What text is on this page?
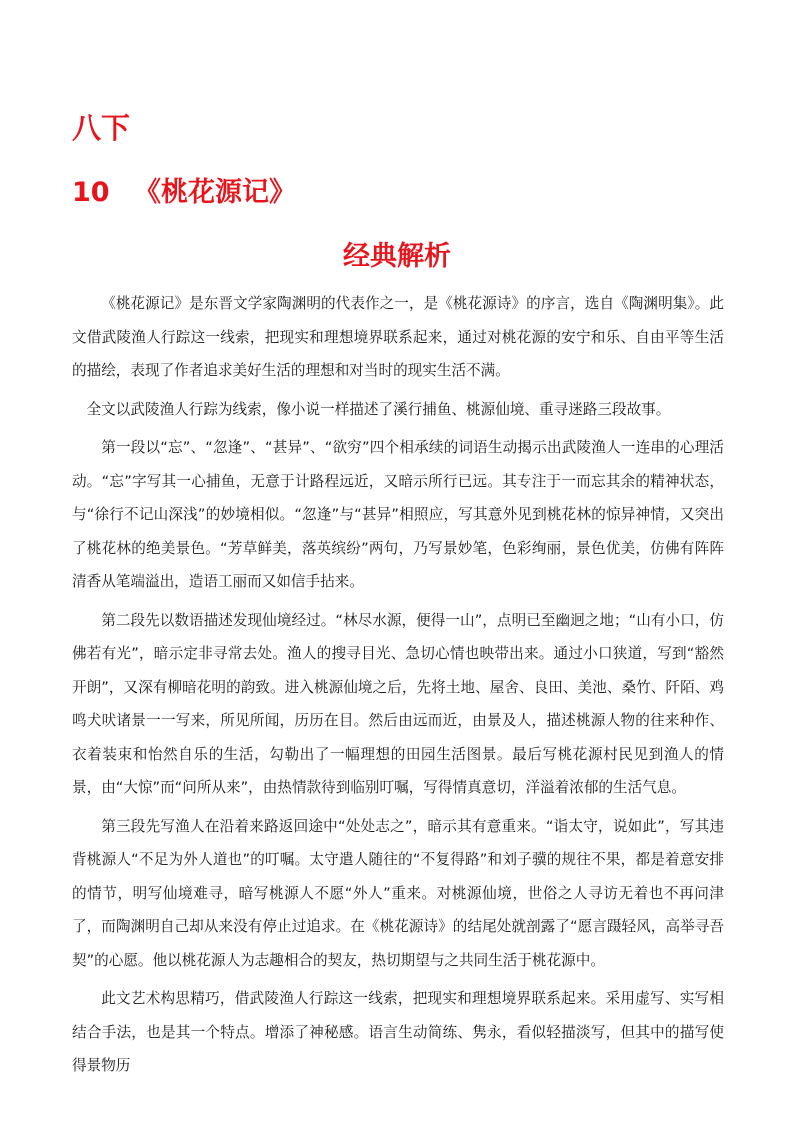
八下
10 《桃花源记》
经典解析

《桃花源记》是东晋文学家陶渊明的代表作之一，是《桃花源诗》的序言，选自《陶渊明集》。此文借武陵渔人行踪这一线索，把现实和理想境界联系起来，通过对桃花源的安宁和乐、自由平等生活的描绘，表现了作者追求美好生活的理想和对当时的现实生活不满。

全文以武陵渔人行踪为线索，像小说一样描述了溪行捕鱼、桃源仙境、重寻迷路三段故事。

第一段以“忘”、“忽逢”、“甚异”、“欲穷”四个相承续的词语生动揭示出武陵渔人一连串的心理活动。“忘”字写其一心捕鱼，无意于计路程远近，又暗示所行已远。其专注于一而忘其余的精神状态，与“徐行不记山深浅”的妙境相似。“忽逢”与“甚异”相照应，写其意外见到桃花林的惊异神情，又突出了桃花林的绝美景色。“芳草鲜美，落英缤纷”两句，乃写景妙笔，色彩绚丽，景色优美，仿佛有阵阵清香从笔端溢出，造语工丽而又如信手拈来。

第二段先以数语描述发现仙境经过。“林尽水源，便得一山”，点明已至幽迥之地；“山有小口，仿佛若有光”，暗示定非寻常去处。渔人的搜寻目光、急切心情也映带出来。通过小口狭道，写到“豁然开朗”，又深有柳暗花明的韵致。进入桃源仙境之后，先将土地、屋舍、良田、美池、桑竹、阡陌、鸡鸣犬吠诸景一一写来，所见所闻，历历在目。然后由远而近，由景及人，描述桃源人物的往来种作、衣着装束和怡然自乐的生活，勾勒出了一幅理想的田园生活图景。最后写桃花源村民见到渔人的情景，由“大惊”而“问所从来”，由热情款待到临别叮嘱，写得情真意切，洋溢着浓郁的生活气息。

第三段先写渔人在沿着来路返回途中“处处志之”，暗示其有意重来。“诣太守，说如此”，写其违背桃源人“不足为外人道也”的叮嘱。太守遣人随往的“不复得路”和刘子骥的规往不果，都是着意安排的情节，明写仙境难寻，暗写桃源人不愿“外人”重来。对桃源仙境，世俗之人寻访无着也不再问津了，而陶渊明自己却从来没有停止过追求。在《桃花源诗》的结尾处就剖露了“愿言蹑轻风，高举寻吾契”的心愿。他以桃花源人为志趣相合的契友，热切期望与之共同生活于桃花源中。

此文艺术构思精巧，借武陵渔人行踪这一线索，把现实和理想境界联系起来。采用虚写、实写相结合手法，也是其一个特点。增添了神秘感。语言生动简练、隽永，看似轻描淡写，但其中的描写使得景物历
